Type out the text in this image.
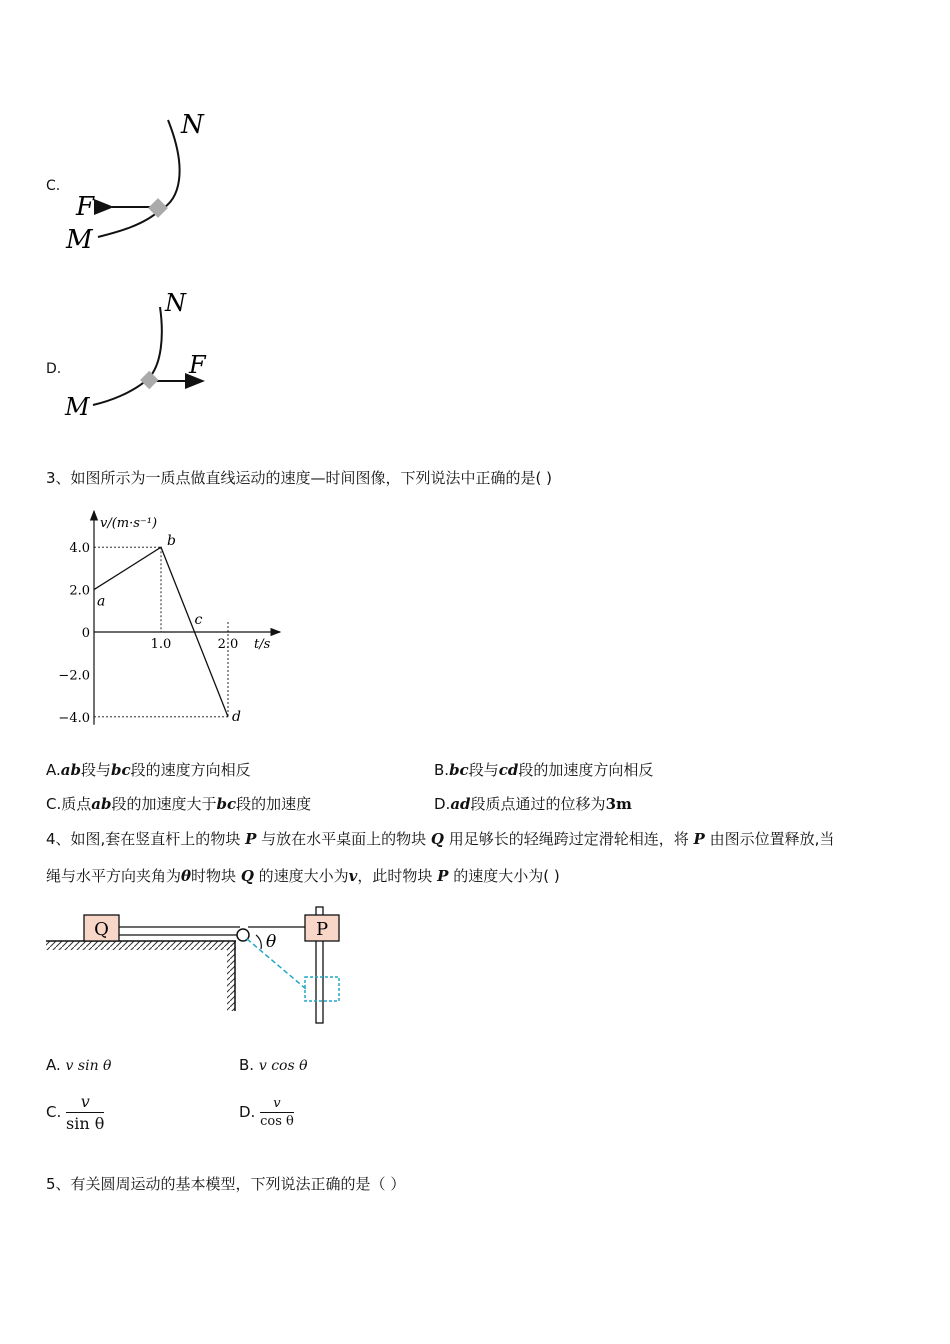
C.
N
F
M
D.
N
F
M
3、如图所示为一质点做直线运动的速度—时间图像，下列说法中正确的是( )
v/(m·s⁻¹)
t/s
4.0
2.0
0
−2.0
−4.0
1.0	2.0
a
b
c
d
A.ab段与bc段的速度方向相反	B.bc段与cd段的加速度方向相反
C.质点ab段的加速度大于bc段的加速度	D.ad段质点通过的位移为3m
4、如图,套在竖直杆上的物块 P 与放在水平桌面上的物块 Q 用足够长的轻绳跨过定滑轮相连，将 P 由图示位置释放,当
绳与水平方向夹角为θ时物块 Q 的速度大小为v，此时物块 P 的速度大小为( )
Q	P
θ
A. v sin θ	B. v cos θ
C. $\frac{v}{\text{sin θ}}$	D. $\frac{v}{\text{cos θ}}$
5、有关圆周运动的基本模型，下列说法正确的是（ ）
